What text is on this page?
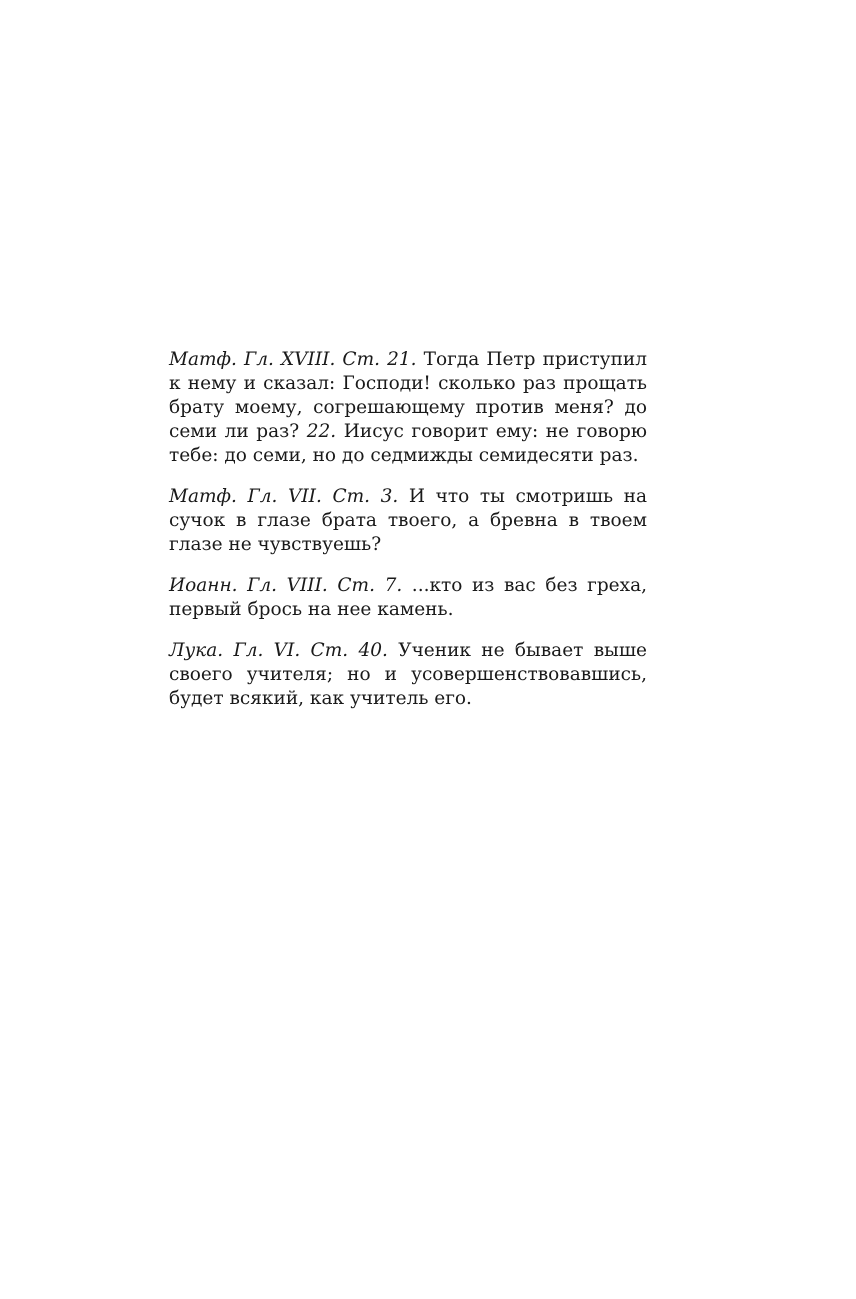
Матф. Гл. XVIII. Ст. 21. Тогда Петр приступил к нему и сказал: Господи! сколько раз прощать брату моему, согрешающему против меня? до семи ли раз? 22. Иисус говорит ему: не говорю тебе: до семи, но до седмижды семидесяти раз.

Матф. Гл. VII. Ст. 3. И что ты смотришь на сучок в глазе брата твоего, а бревна в твоем глазе не чувствуешь?

Иоанн. Гл. VIII. Ст. 7. ...кто из вас без греха, первый брось на нее камень.

Лука. Гл. VI. Ст. 40. Ученик не бывает выше своего учителя; но и усовершенствовавшись, будет всякий, как учитель его.
